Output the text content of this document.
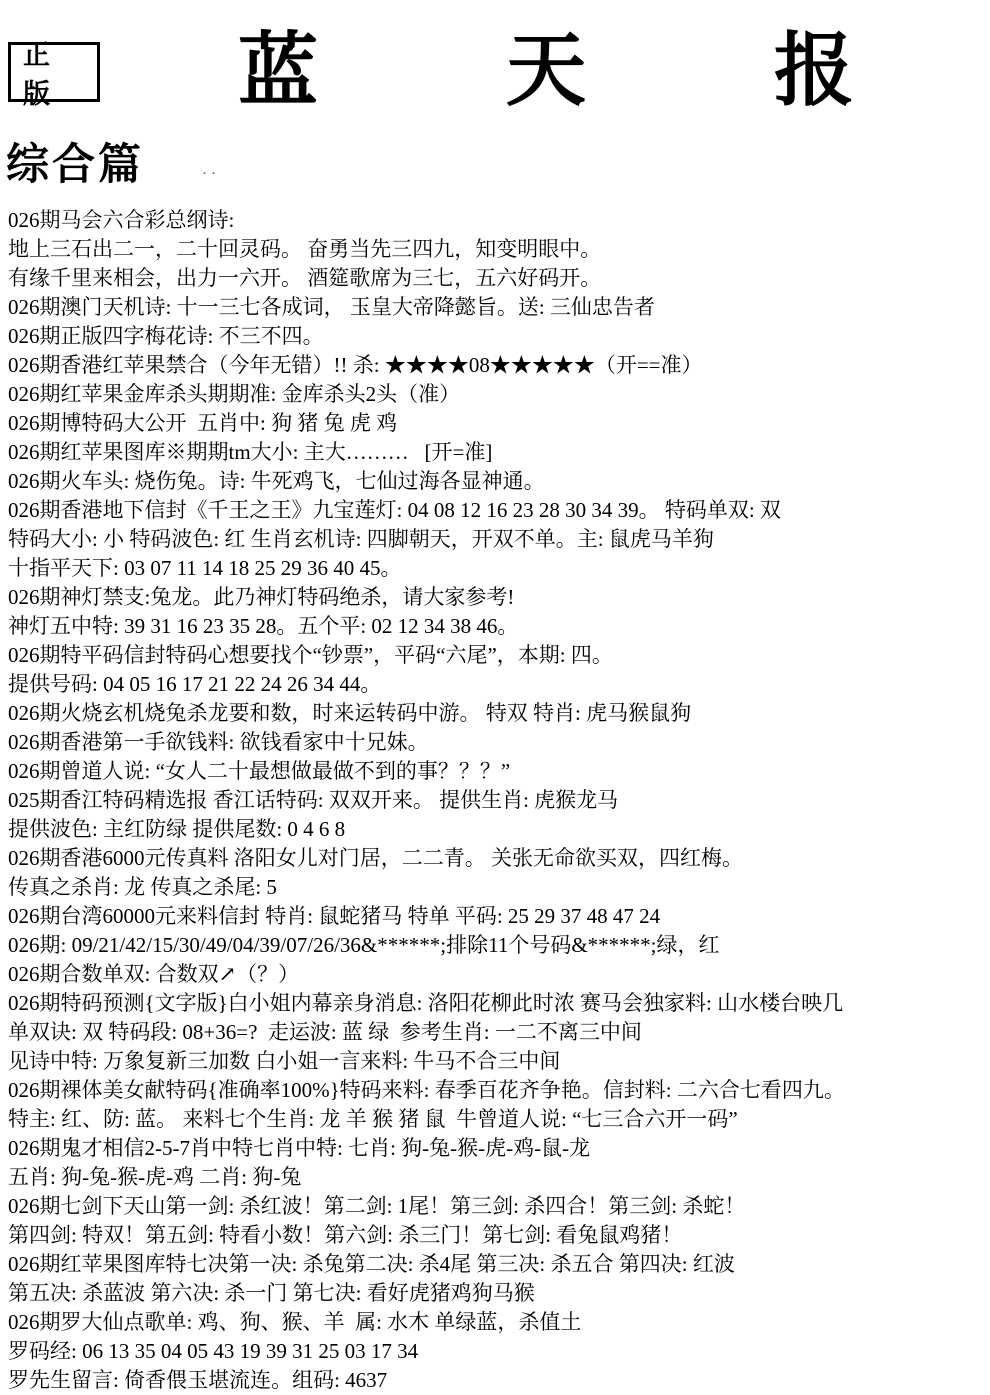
正版	蓝 天 报
综合篇	··
026期马会六合彩总纲诗:
地上三石出二一，二十回灵码。 奋勇当先三四九，知变明眼中。
有缘千里来相会，出力一六开。 酒筵歌席为三七，五六好码开。
026期澳门天机诗: 十一三七各成词， 玉皇大帝降懿旨。送: 三仙忠告者
026期正版四字梅花诗: 不三不四。
026期香港红苹果禁合（今年无错）!! 杀: ★★★★08★★★★★（开==准）
026期红苹果金库杀头期期准: 金库杀头2头（准）
026期博特码大公开  五肖中: 狗 猪 兔 虎 鸡
026期红苹果图库※期期tm大小: 主大………   [开=准]
026期火车头: 烧伤兔。诗: 牛死鸡飞，七仙过海各显神通。
026期香港地下信封《千王之王》九宝莲灯: 04 08 12 16 23 28 30 34 39。 特码单双: 双
特码大小: 小 特码波色: 红 生肖玄机诗: 四脚朝天，开双不单。主: 鼠虎马羊狗
十指平天下: 03 07 11 14 18 25 29 36 40 45。
026期神灯禁支:兔龙。此乃神灯特码绝杀，请大家参考!
神灯五中特: 39 31 16 23 35 28。五个平: 02 12 34 38 46。
026期特平码信封特码心想要找个“钞票”，平码“六尾”，本期: 四。
提供号码: 04 05 16 17 21 22 24 26 34 44。
026期火烧玄机烧兔杀龙要和数，时来运转码中游。 特双 特肖: 虎马猴鼠狗
026期香港第一手欲钱料: 欲钱看家中十兄妹。
026期曾道人说: “女人二十最想做最做不到的事？？？”
025期香江特码精选报 香江话特码: 双双开来。 提供生肖: 虎猴龙马
提供波色: 主红防绿 提供尾数: 0 4 6 8
026期香港6000元传真料 洛阳女儿对门居，二二青。 关张无命欲买双，四红梅。
传真之杀肖: 龙 传真之杀尾: 5
026期台湾60000元来料信封 特肖: 鼠蛇猪马 特单 平码: 25 29 37 48 47 24
026期: 09/21/42/15/30/49/04/39/07/26/36&******;排除11个号码&******;绿，红
026期合数单双: 合数双↗（？）
026期特码预测{文字版}白小姐内幕亲身消息: 洛阳花柳此时浓 赛马会独家料: 山水楼台映几
单双诀: 双 特码段: 08+36=?  走运波: 蓝 绿  参考生肖: 一二不离三中间
见诗中特: 万象复新三加数 白小姐一言来料: 牛马不合三中间
026期裸体美女献特码{准确率100%}特码来料: 春季百花齐争艳。信封料: 二六合七看四九。
特主: 红、防: 蓝。 来料七个生肖: 龙 羊 猴 猪 鼠  牛曾道人说: “七三合六开一码”
026期鬼才相信2-5-7肖中特七肖中特: 七肖: 狗-兔-猴-虎-鸡-鼠-龙
五肖: 狗-兔-猴-虎-鸡 二肖: 狗-兔
026期七剑下天山第一剑: 杀红波！第二剑: 1尾！第三剑: 杀四合！第三剑: 杀蛇！
第四剑: 特双！第五剑: 特看小数！第六剑: 杀三门！第七剑: 看兔鼠鸡猪！
026期红苹果图库特七决第一决: 杀兔第二决: 杀4尾 第三决: 杀五合 第四决: 红波
第五决: 杀蓝波 第六决: 杀一门 第七决: 看好虎猪鸡狗马猴
026期罗大仙点歌单: 鸡、狗、猴、羊  属: 水木 单绿蓝，杀值土
罗码经: 06 13 35 04 05 43 19 39 31 25 03 17 34
罗先生留言: 倚香偎玉堪流连。组码: 4637
